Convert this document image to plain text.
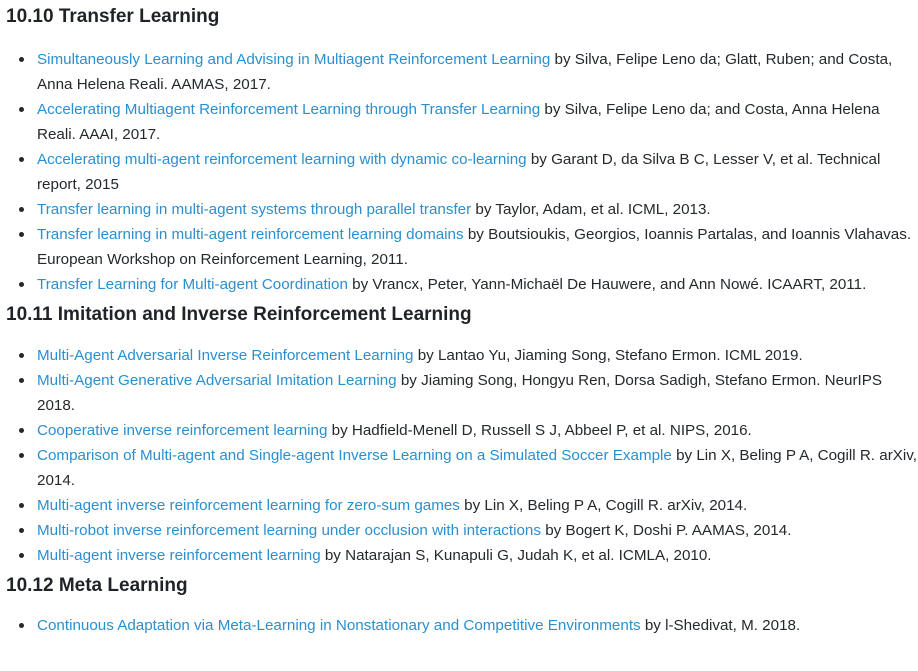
10.10 Transfer Learning
Simultaneously Learning and Advising in Multiagent Reinforcement Learning by Silva, Felipe Leno da; Glatt, Ruben; and Costa, Anna Helena Reali. AAMAS, 2017.
Accelerating Multiagent Reinforcement Learning through Transfer Learning by Silva, Felipe Leno da; and Costa, Anna Helena Reali. AAAI, 2017.
Accelerating multi-agent reinforcement learning with dynamic co-learning by Garant D, da Silva B C, Lesser V, et al. Technical report, 2015
Transfer learning in multi-agent systems through parallel transfer by Taylor, Adam, et al. ICML, 2013.
Transfer learning in multi-agent reinforcement learning domains by Boutsioukis, Georgios, Ioannis Partalas, and Ioannis Vlahavas. European Workshop on Reinforcement Learning, 2011.
Transfer Learning for Multi-agent Coordination by Vrancx, Peter, Yann-Michaël De Hauwere, and Ann Nowé. ICAART, 2011.
10.11 Imitation and Inverse Reinforcement Learning
Multi-Agent Adversarial Inverse Reinforcement Learning by Lantao Yu, Jiaming Song, Stefano Ermon. ICML 2019.
Multi-Agent Generative Adversarial Imitation Learning by Jiaming Song, Hongyu Ren, Dorsa Sadigh, Stefano Ermon. NeurIPS 2018.
Cooperative inverse reinforcement learning by Hadfield-Menell D, Russell S J, Abbeel P, et al. NIPS, 2016.
Comparison of Multi-agent and Single-agent Inverse Learning on a Simulated Soccer Example by Lin X, Beling P A, Cogill R. arXiv, 2014.
Multi-agent inverse reinforcement learning for zero-sum games by Lin X, Beling P A, Cogill R. arXiv, 2014.
Multi-robot inverse reinforcement learning under occlusion with interactions by Bogert K, Doshi P. AAMAS, 2014.
Multi-agent inverse reinforcement learning by Natarajan S, Kunapuli G, Judah K, et al. ICMLA, 2010.
10.12 Meta Learning
Continuous Adaptation via Meta-Learning in Nonstationary and Competitive Environments by l-Shedivat, M. 2018.
